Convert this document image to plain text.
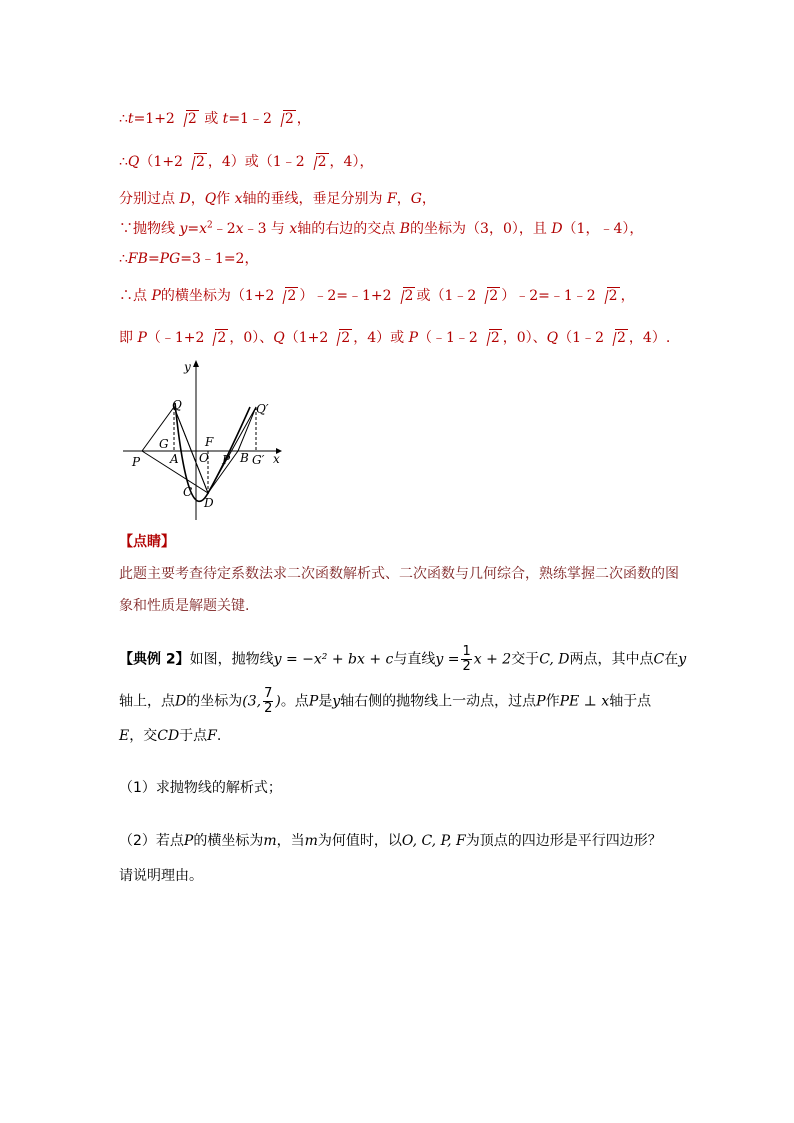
∴t=1+2 2 或 t=1﹣2 2 ，
∴Q（1+2 2 ，4）或（1﹣2 2 ，4），
分别过点 D，Q作 x轴的垂线，垂足分别为 F，G，
∵抛物线 $y=x^2﹣2x﹣3$ 与 x轴的右边的交点 B的坐标为（3，0），且 D（1，﹣4），
∴FB=PG=3﹣1=2，
∴点 P的横坐标为（1+2 2 ）﹣2=﹣1+2 2 或（1﹣2 2 ）﹣2=﹣1﹣2 2 ，
即 P（﹣1+2 2 ，0）、Q（1+2 2 ，4）或 P（﹣1﹣2 2 ，0）、Q（1﹣2 2 ，4）.
y
x
Q	Q′
G	F
P A O P B G′
C
D
【点睛】
此题主要考查待定系数法求二次函数解析式、二次函数与几何综合，熟练掌握二次函数的图
象和性质是解题关键.
【典例 2】如图，抛物线y = −x² + bx + c与直线$y = \frac{1}{2}$ x + 2交于C, D两点，其中点C在y
轴上，点D的坐标为(3, $\frac{7}{2}$ )。点P是y轴右侧的抛物线上一动点，过点P作PE ⊥ x轴于点
E，交CD于点F.
（1）求抛物线的解析式；
（2）若点P的横坐标为m，当m为何值时，以O, C, P, F为顶点的四边形是平行四边形？
请说明理由。
